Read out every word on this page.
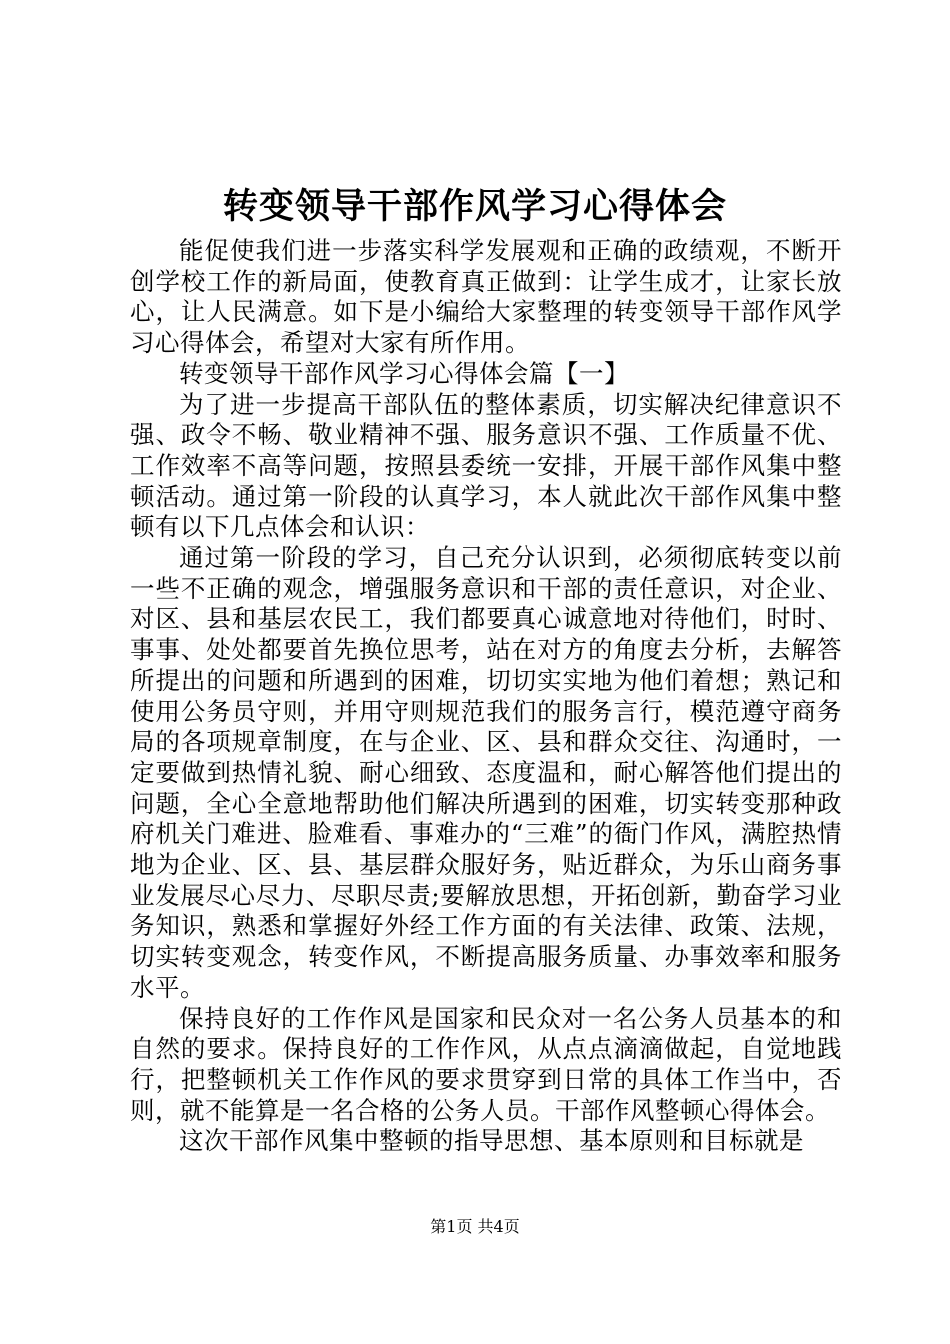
转变领导干部作风学习心得体会

能促使我们进一步落实科学发展观和正确的政绩观，不断开创学校工作的新局面，使教育真正做到：让学生成才，让家长放心，让人民满意。如下是小编给大家整理的转变领导干部作风学习心得体会，希望对大家有所作用。

转变领导干部作风学习心得体会篇【一】

为了进一步提高干部队伍的整体素质，切实解决纪律意识不强、政令不畅、敬业精神不强、服务意识不强、工作质量不优、工作效率不高等问题，按照县委统一安排，开展干部作风集中整顿活动。通过第一阶段的认真学习，本人就此次干部作风集中整顿有以下几点体会和认识：

通过第一阶段的学习，自己充分认识到，必须彻底转变以前一些不正确的观念，增强服务意识和干部的责任意识，对企业、对区、县和基层农民工，我们都要真心诚意地对待他们，时时、事事、处处都要首先换位思考，站在对方的角度去分析，去解答所提出的问题和所遇到的困难，切切实实地为他们着想；熟记和使用公务员守则，并用守则规范我们的服务言行，模范遵守商务局的各项规章制度，在与企业、区、县和群众交往、沟通时，一定要做到热情礼貌、耐心细致、态度温和，耐心解答他们提出的问题，全心全意地帮助他们解决所遇到的困难，切实转变那种政府机关门难进、脸难看、事难办的“三难”的衙门作风，满腔热情地为企业、区、县、基层群众服好务，贴近群众，为乐山商务事业发展尽心尽力、尽职尽责;要解放思想，开拓创新，勤奋学习业务知识，熟悉和掌握好外经工作方面的有关法律、政策、法规，切实转变观念，转变作风，不断提高服务质量、办事效率和服务水平。

保持良好的工作作风是国家和民众对一名公务人员基本的和自然的要求。保持良好的工作作风，从点点滴滴做起，自觉地践行，把整顿机关工作作风的要求贯穿到日常的具体工作当中，否则，就不能算是一名合格的公务人员。干部作风整顿心得体会。

这次干部作风集中整顿的指导思想、基本原则和目标就是

第1页 共4页
